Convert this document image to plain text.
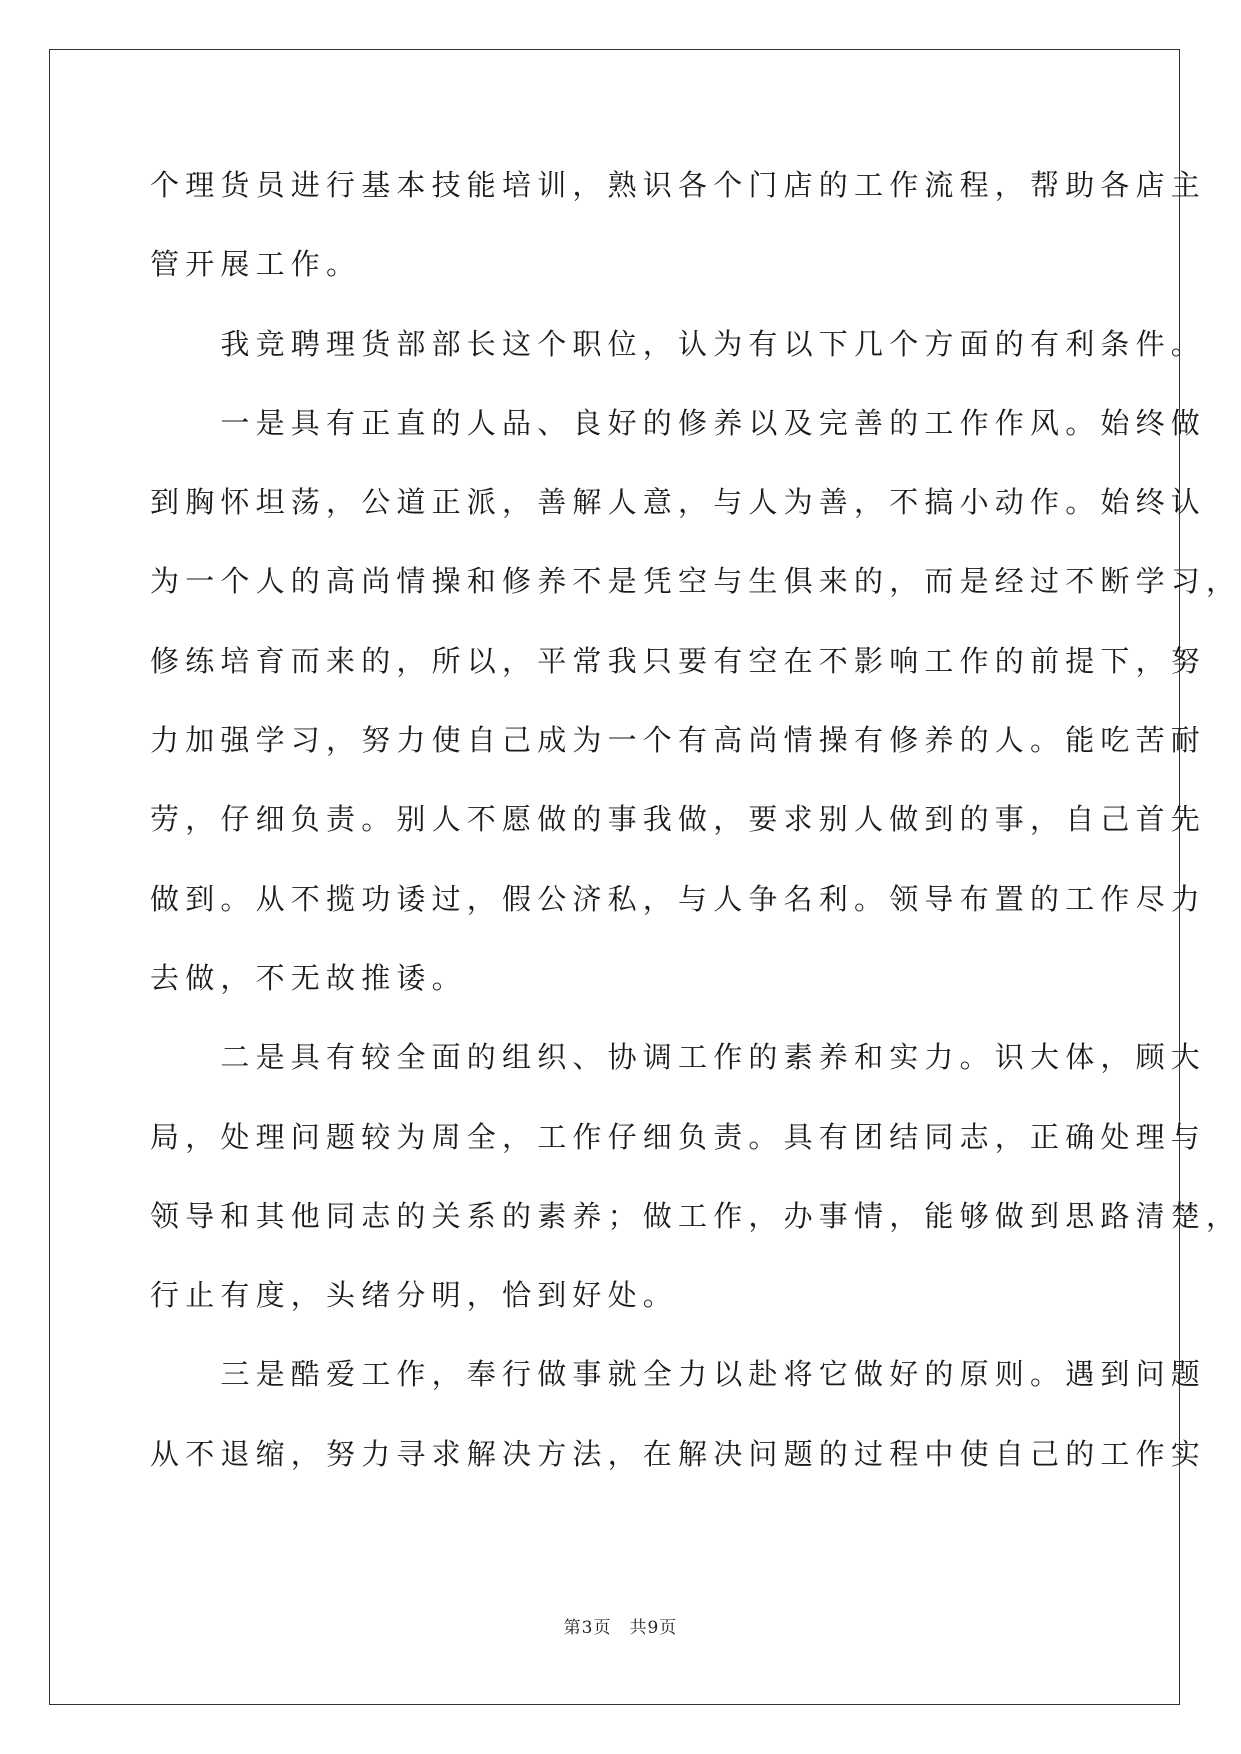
个理货员进行基本技能培训，熟识各个门店的工作流程，帮助各店主
管开展工作。
　　我竞聘理货部部长这个职位，认为有以下几个方面的有利条件。
　　一是具有正直的人品、良好的修养以及完善的工作作风。始终做
到胸怀坦荡，公道正派，善解人意，与人为善，不搞小动作。始终认
为一个人的高尚情操和修养不是凭空与生俱来的，而是经过不断学习，
修练培育而来的，所以，平常我只要有空在不影响工作的前提下，努
力加强学习，努力使自己成为一个有高尚情操有修养的人。能吃苦耐
劳，仔细负责。别人不愿做的事我做，要求别人做到的事，自己首先
做到。从不揽功诿过，假公济私，与人争名利。领导布置的工作尽力
去做，不无故推诿。
　　二是具有较全面的组织、协调工作的素养和实力。识大体，顾大
局，处理问题较为周全，工作仔细负责。具有团结同志，正确处理与
领导和其他同志的关系的素养；做工作，办事情，能够做到思路清楚，
行止有度，头绪分明，恰到好处。
　　三是酷爱工作，奉行做事就全力以赴将它做好的原则。遇到问题
从不退缩，努力寻求解决方法，在解决问题的过程中使自己的工作实
第3页　共9页
